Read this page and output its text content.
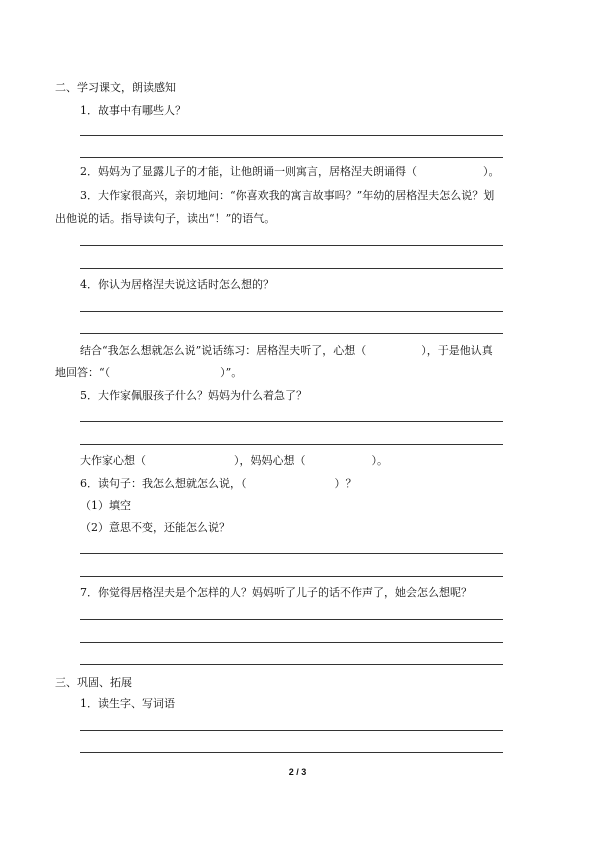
二、学习课文，朗读感知
1．故事中有哪些人？
2．妈妈为了显露儿子的才能，让他朗诵一则寓言，居格涅夫朗诵得（　　　　　　）。
3．大作家很高兴，亲切地问：“你喜欢我的寓言故事吗？”年幼的居格涅夫怎么说？划
出他说的话。指导读句子，读出“！”的语气。
4．你认为居格涅夫说这话时怎么想的？
结合“我怎么想就怎么说”说话练习：居格涅夫听了，心想（　　　　　），于是他认真
地回答：“（　　　　　　　　　　）”。
5．大作家佩服孩子什么？妈妈为什么着急了？
大作家心想（　　　　　　　　），妈妈心想（　　　　　　）。
6．读句子：我怎么想就怎么说，（　　　　　　　　）？
（1）填空
（2）意思不变，还能怎么说？
7．你觉得居格涅夫是个怎样的人？妈妈听了儿子的话不作声了，她会怎么想呢？
三、巩固、拓展
1．读生字、写词语
2 / 3
